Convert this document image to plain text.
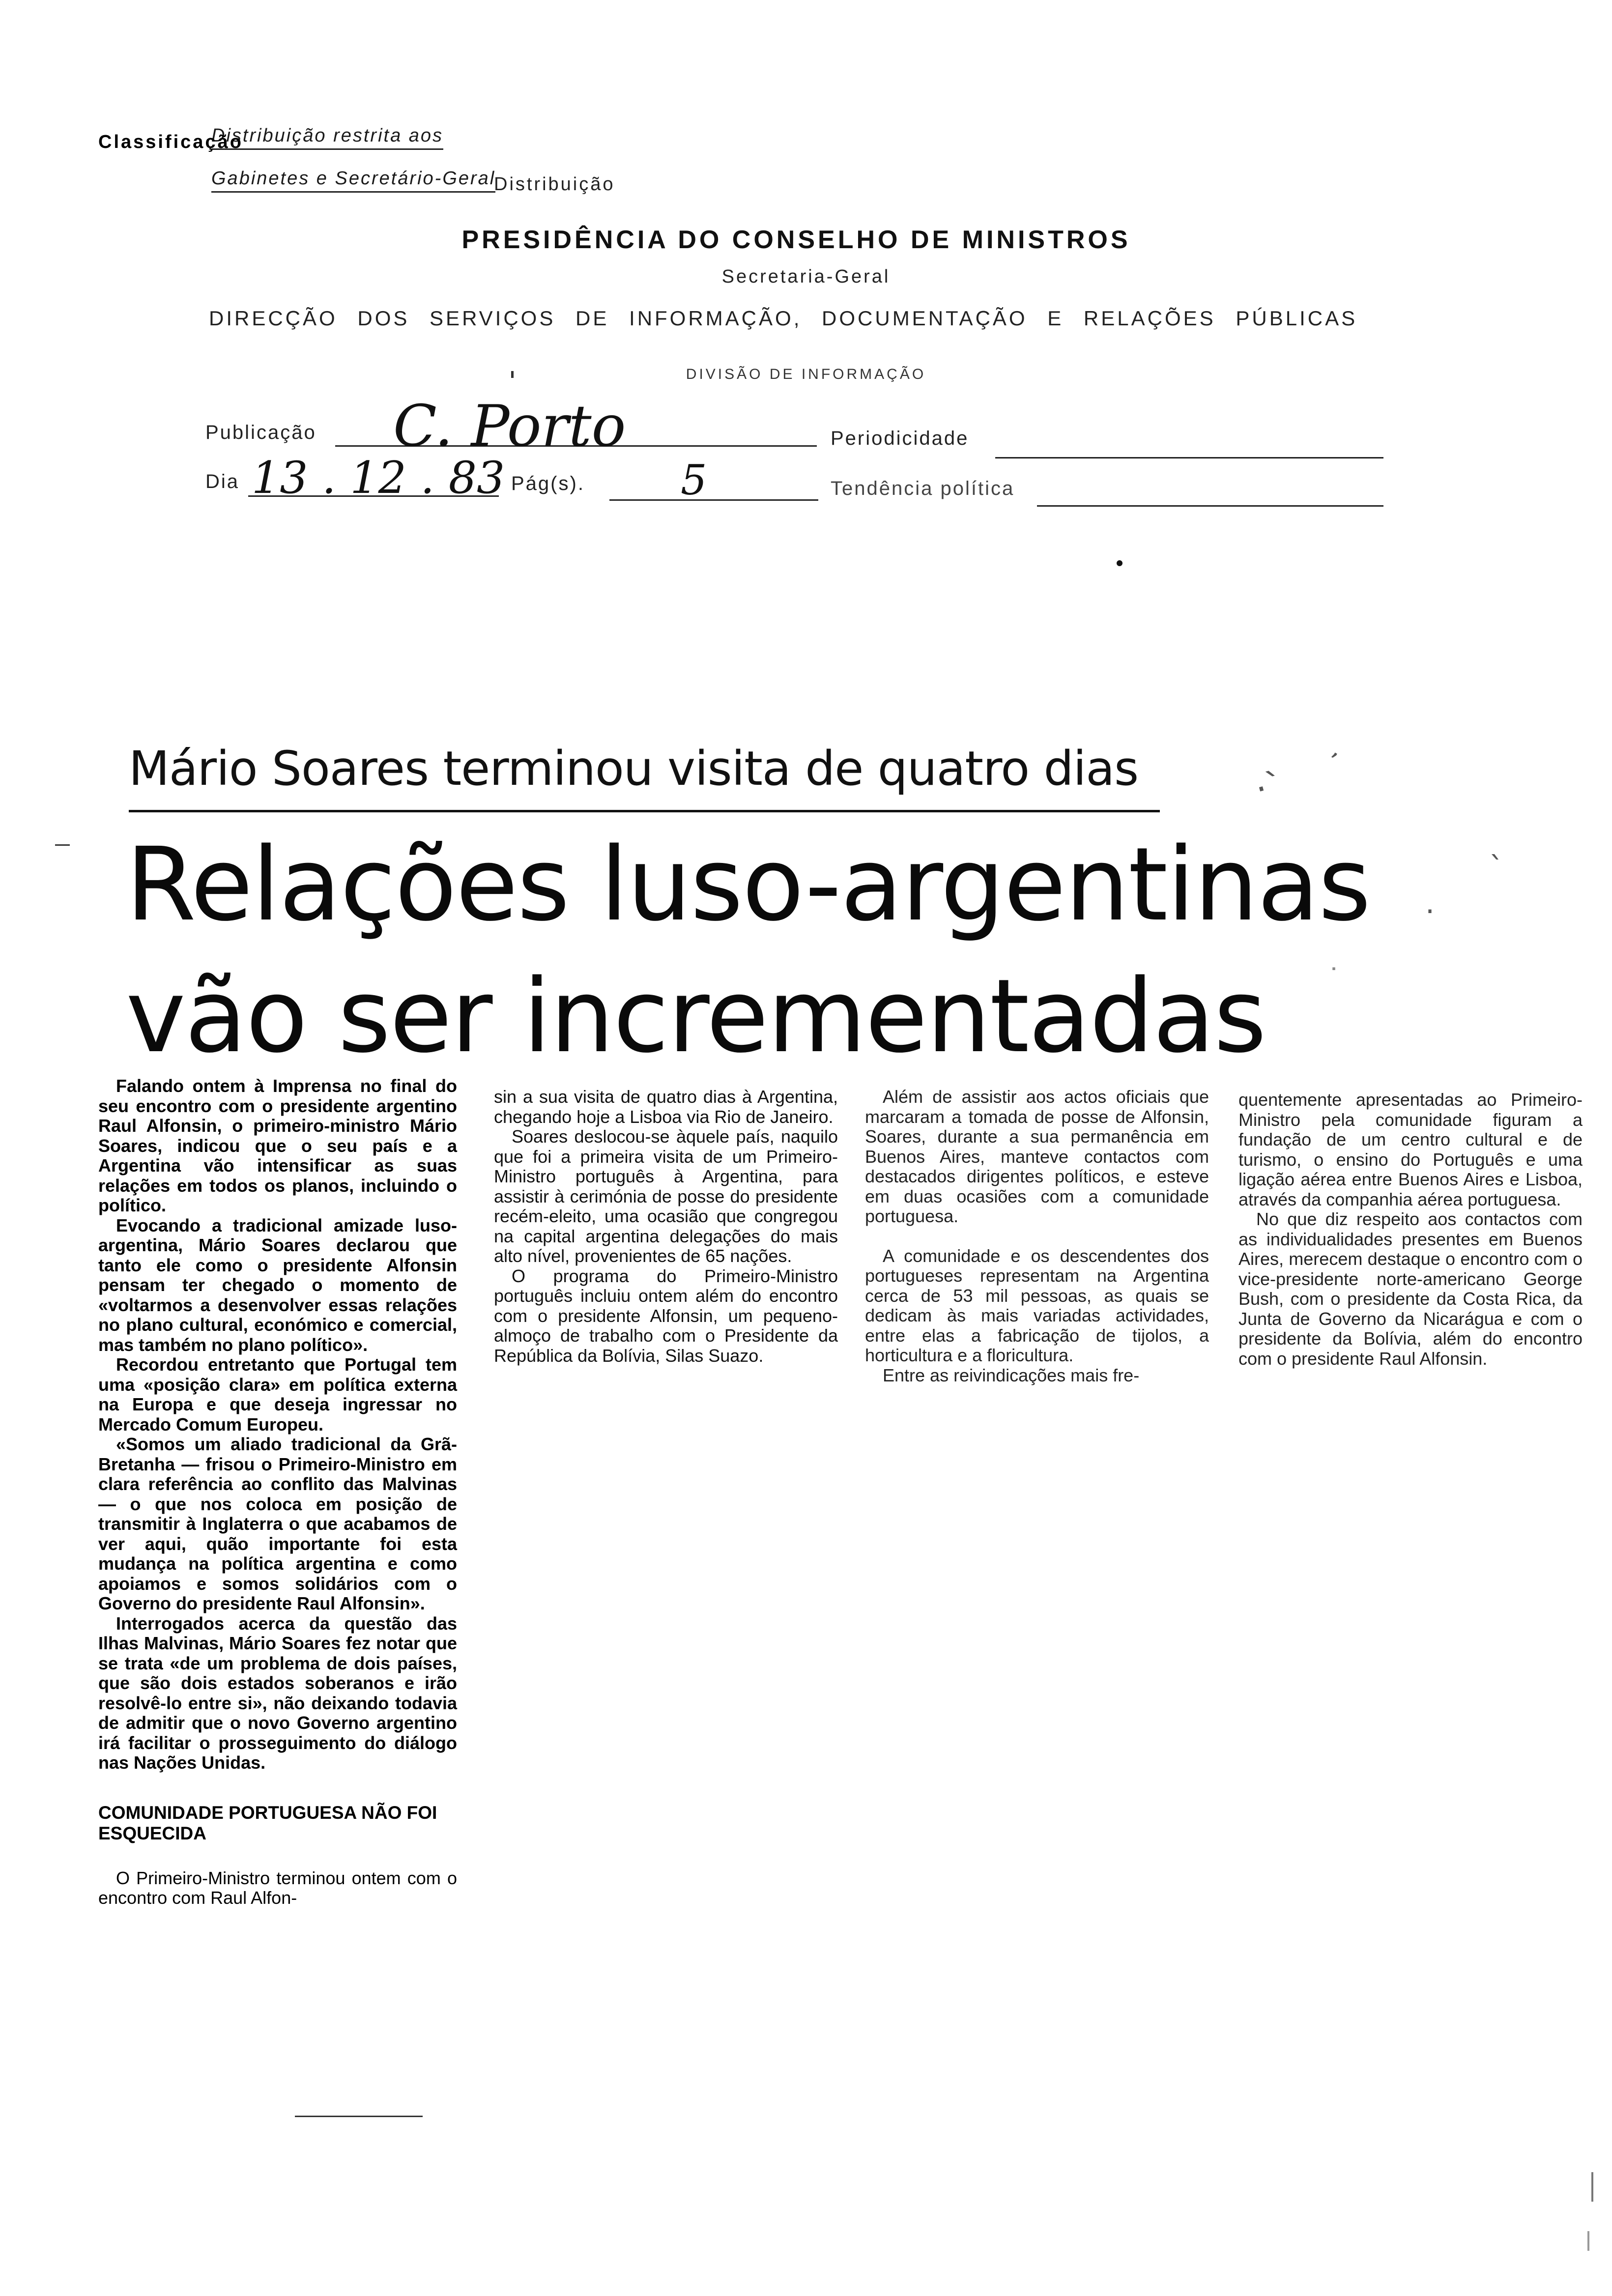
Distribuição restrita aos
Gabinetes e Secretário-Geral
Classificação
Distribuição
PRESIDÊNCIA DO CONSELHO DE MINISTROS
Secretaria-Geral
DIRECÇÃO DOS SERVIÇOS DE INFORMAÇÃO, DOCUMENTAÇÃO E RELAÇÕES PÚBLICAS
DIVISÃO DE INFORMAÇÃO
Publicação C. Porto	Periodicidade
Dia 13 . 12 . 83 Pág(s). 5	Tendência política
Mário Soares terminou visita de quatro dias
Relações luso-argentinas
vão ser incrementadas

Falando ontem à Imprensa no final do seu encontro com o presidente argentino Raul Alfonsin, o primeiro-ministro Mário Soares, indicou que o seu país e a Argentina vão intensificar as suas relações em todos os planos, incluindo o político.

Evocando a tradicional amizade luso-argentina, Mário Soares declarou que tanto ele como o presidente Alfonsin pensam ter chegado o momento de «voltarmos a desenvolver essas relações no plano cultural, económico e comercial, mas também no plano político».

Recordou entretanto que Portugal tem uma «posição clara» em política externa na Europa e que deseja ingressar no Mercado Comum Europeu.

«Somos um aliado tradicional da Grã-Bretanha — frisou o Primeiro-Ministro em clara referência ao conflito das Malvinas — o que nos coloca em posição de transmitir à Inglaterra o que acabamos de ver aqui, quão importante foi esta mudança na política argentina e como apoiamos e somos solidários com o Governo do presidente Raul Alfonsin».

Interrogados acerca da questão das Ilhas Malvinas, Mário Soares fez notar que se trata «de um problema de dois países, que são dois estados soberanos e irão resolvê-lo entre si», não deixando todavia de admitir que o novo Governo argentino irá facilitar o prosseguimento do diálogo nas Nações Unidas.

COMUNIDADE PORTUGUESA NÃO FOI ESQUECIDA

O Primeiro-Ministro terminou ontem com o encontro com Raul Alfon-

sin a sua visita de quatro dias à Argentina, chegando hoje a Lisboa via Rio de Janeiro.

Soares deslocou-se àquele país, naquilo que foi a primeira visita de um Primeiro-Ministro português à Argentina, para assistir à cerimónia de posse do presidente recém-eleito, uma ocasião que congregou na capital argentina delegações do mais alto nível, provenientes de 65 nações.

O programa do Primeiro-Ministro português incluiu ontem além do encontro com o presidente Alfonsin, um pequeno-almoço de trabalho com o Presidente da República da Bolívia, Silas Suazo.

Além de assistir aos actos oficiais que marcaram a tomada de posse de Alfonsin, Soares, durante a sua permanência em Buenos Aires, manteve contactos com destacados dirigentes políticos, e esteve em duas ocasiões com a comunidade portuguesa.

A comunidade e os descendentes dos portugueses representam na Argentina cerca de 53 mil pessoas, as quais se dedicam às mais variadas actividades, entre elas a fabricação de tijolos, a horticultura e a floricultura.

Entre as reivindicações mais fre-

quentemente apresentadas ao Primeiro-Ministro pela comunidade figuram a fundação de um centro cultural e de turismo, o ensino do Português e uma ligação aérea entre Buenos Aires e Lisboa, através da companhia aérea portuguesa.

No que diz respeito aos contactos com as individualidades presentes em Buenos Aires, merecem destaque o encontro com o vice-presidente norte-americano George Bush, com o presidente da Costa Rica, da Junta de Governo da Nicarágua e com o presidente da Bolívia, além do encontro com o presidente Raul Alfonsin.

·ˋ
’
ˎ
·
˙
